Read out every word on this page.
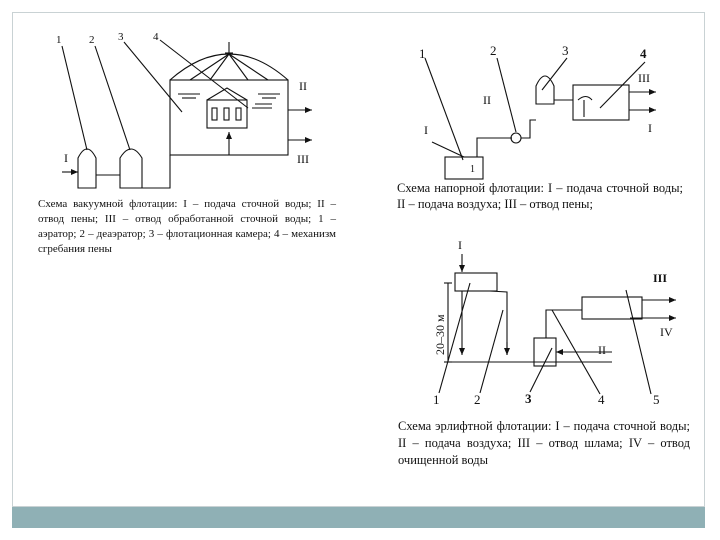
1	2 3	4
I
II
III
1	2	3	4
I
II
III
I
1
I
II
III
IV
20–30 м
1	2	3	4	5
Схема вакуумной флотации: I – подача сточной воды; II – отвод пены; III – отвод обработанной сточной воды; 1 – аэратор; 2 – деаэратор; 3 – флотационная камера; 4 – механизм сгребания пены
Схема напорной флотации: I – подача сточной воды; II – подача воздуха; III – отвод пены;
Схема эрлифтной флотации: I – подача сточной воды; II – подача воздуха; III – отвод шлама; IV – отвод очищенной воды
